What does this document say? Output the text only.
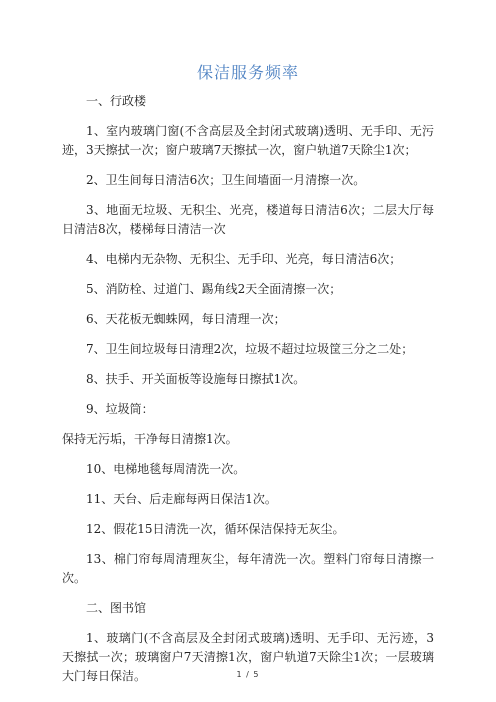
保洁服务频率

一、行政楼

1、室内玻璃门窗(不含高层及全封闭式玻璃)透明、无手印、无污迹，3天擦拭一次；窗户玻璃7天擦拭一次，窗户轨道7天除尘1次；

2、卫生间每日清洁6次；卫生间墙面一月清擦一次。

3、地面无垃圾、无积尘、光亮，楼道每日清洁6次；二层大厅每日清洁8次，楼梯每日清洁一次

4、电梯内无杂物、无积尘、无手印、光亮，每日清洁6次；

5、消防栓、过道门、踢角线2天全面清擦一次；

6、天花板无蜘蛛网，每日清理一次；

7、卫生间垃圾每日清理2次，垃圾不超过垃圾筐三分之二处；

8、扶手、开关面板等设施每日擦拭1次。

9、垃圾筒：

保持无污垢，干净每日清擦1次。

10、电梯地毯每周清洗一次。

11、天台、后走廊每两日保洁1次。

12、假花15日清洗一次，循环保洁保持无灰尘。

13、棉门帘每周清理灰尘，每年清洗一次。塑料门帘每日清擦一次。

二、图书馆

1、玻璃门(不含高层及全封闭式玻璃)透明、无手印、无污迹，3天擦拭一次；玻璃窗户7天清擦1次，窗户轨道7天除尘1次；一层玻璃大门每日保洁。	1 / 5
